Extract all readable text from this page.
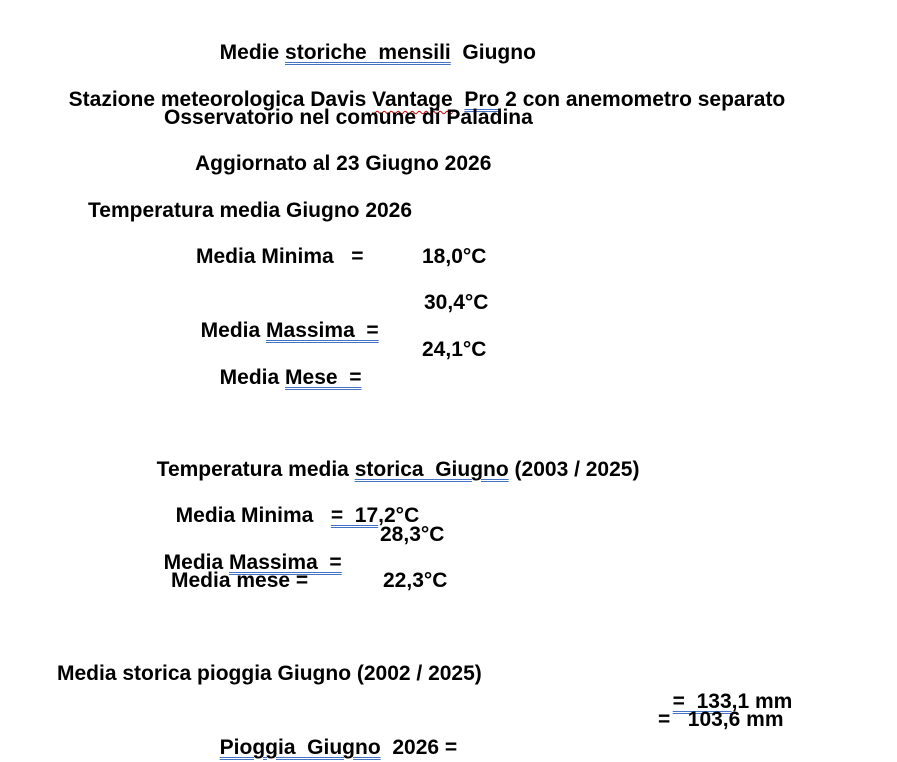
Medie storiche  mensili  Giugno

Stazione meteorologica Davis Vantage Pro 2 con anemometro separato

Osservatorio nel comune di Paladina
Aggiornato al 23 Giugno 2026
Temperatura media Giugno 2026
Media Minima   =	18,0°C

Media Massima  =

30,4°C

Media Mese  =

24,1°C

Temperatura media storica  Giugno (2003 / 2025)

Media Minima   =  17,2°C

Media Massima  =

28,3°C
Media mese =	22,3°C
Media storica pioggia Giugno (2002 / 2025)

=  133,1 mm

Pioggia  Giugno  2026 =

=   103,6 mm
